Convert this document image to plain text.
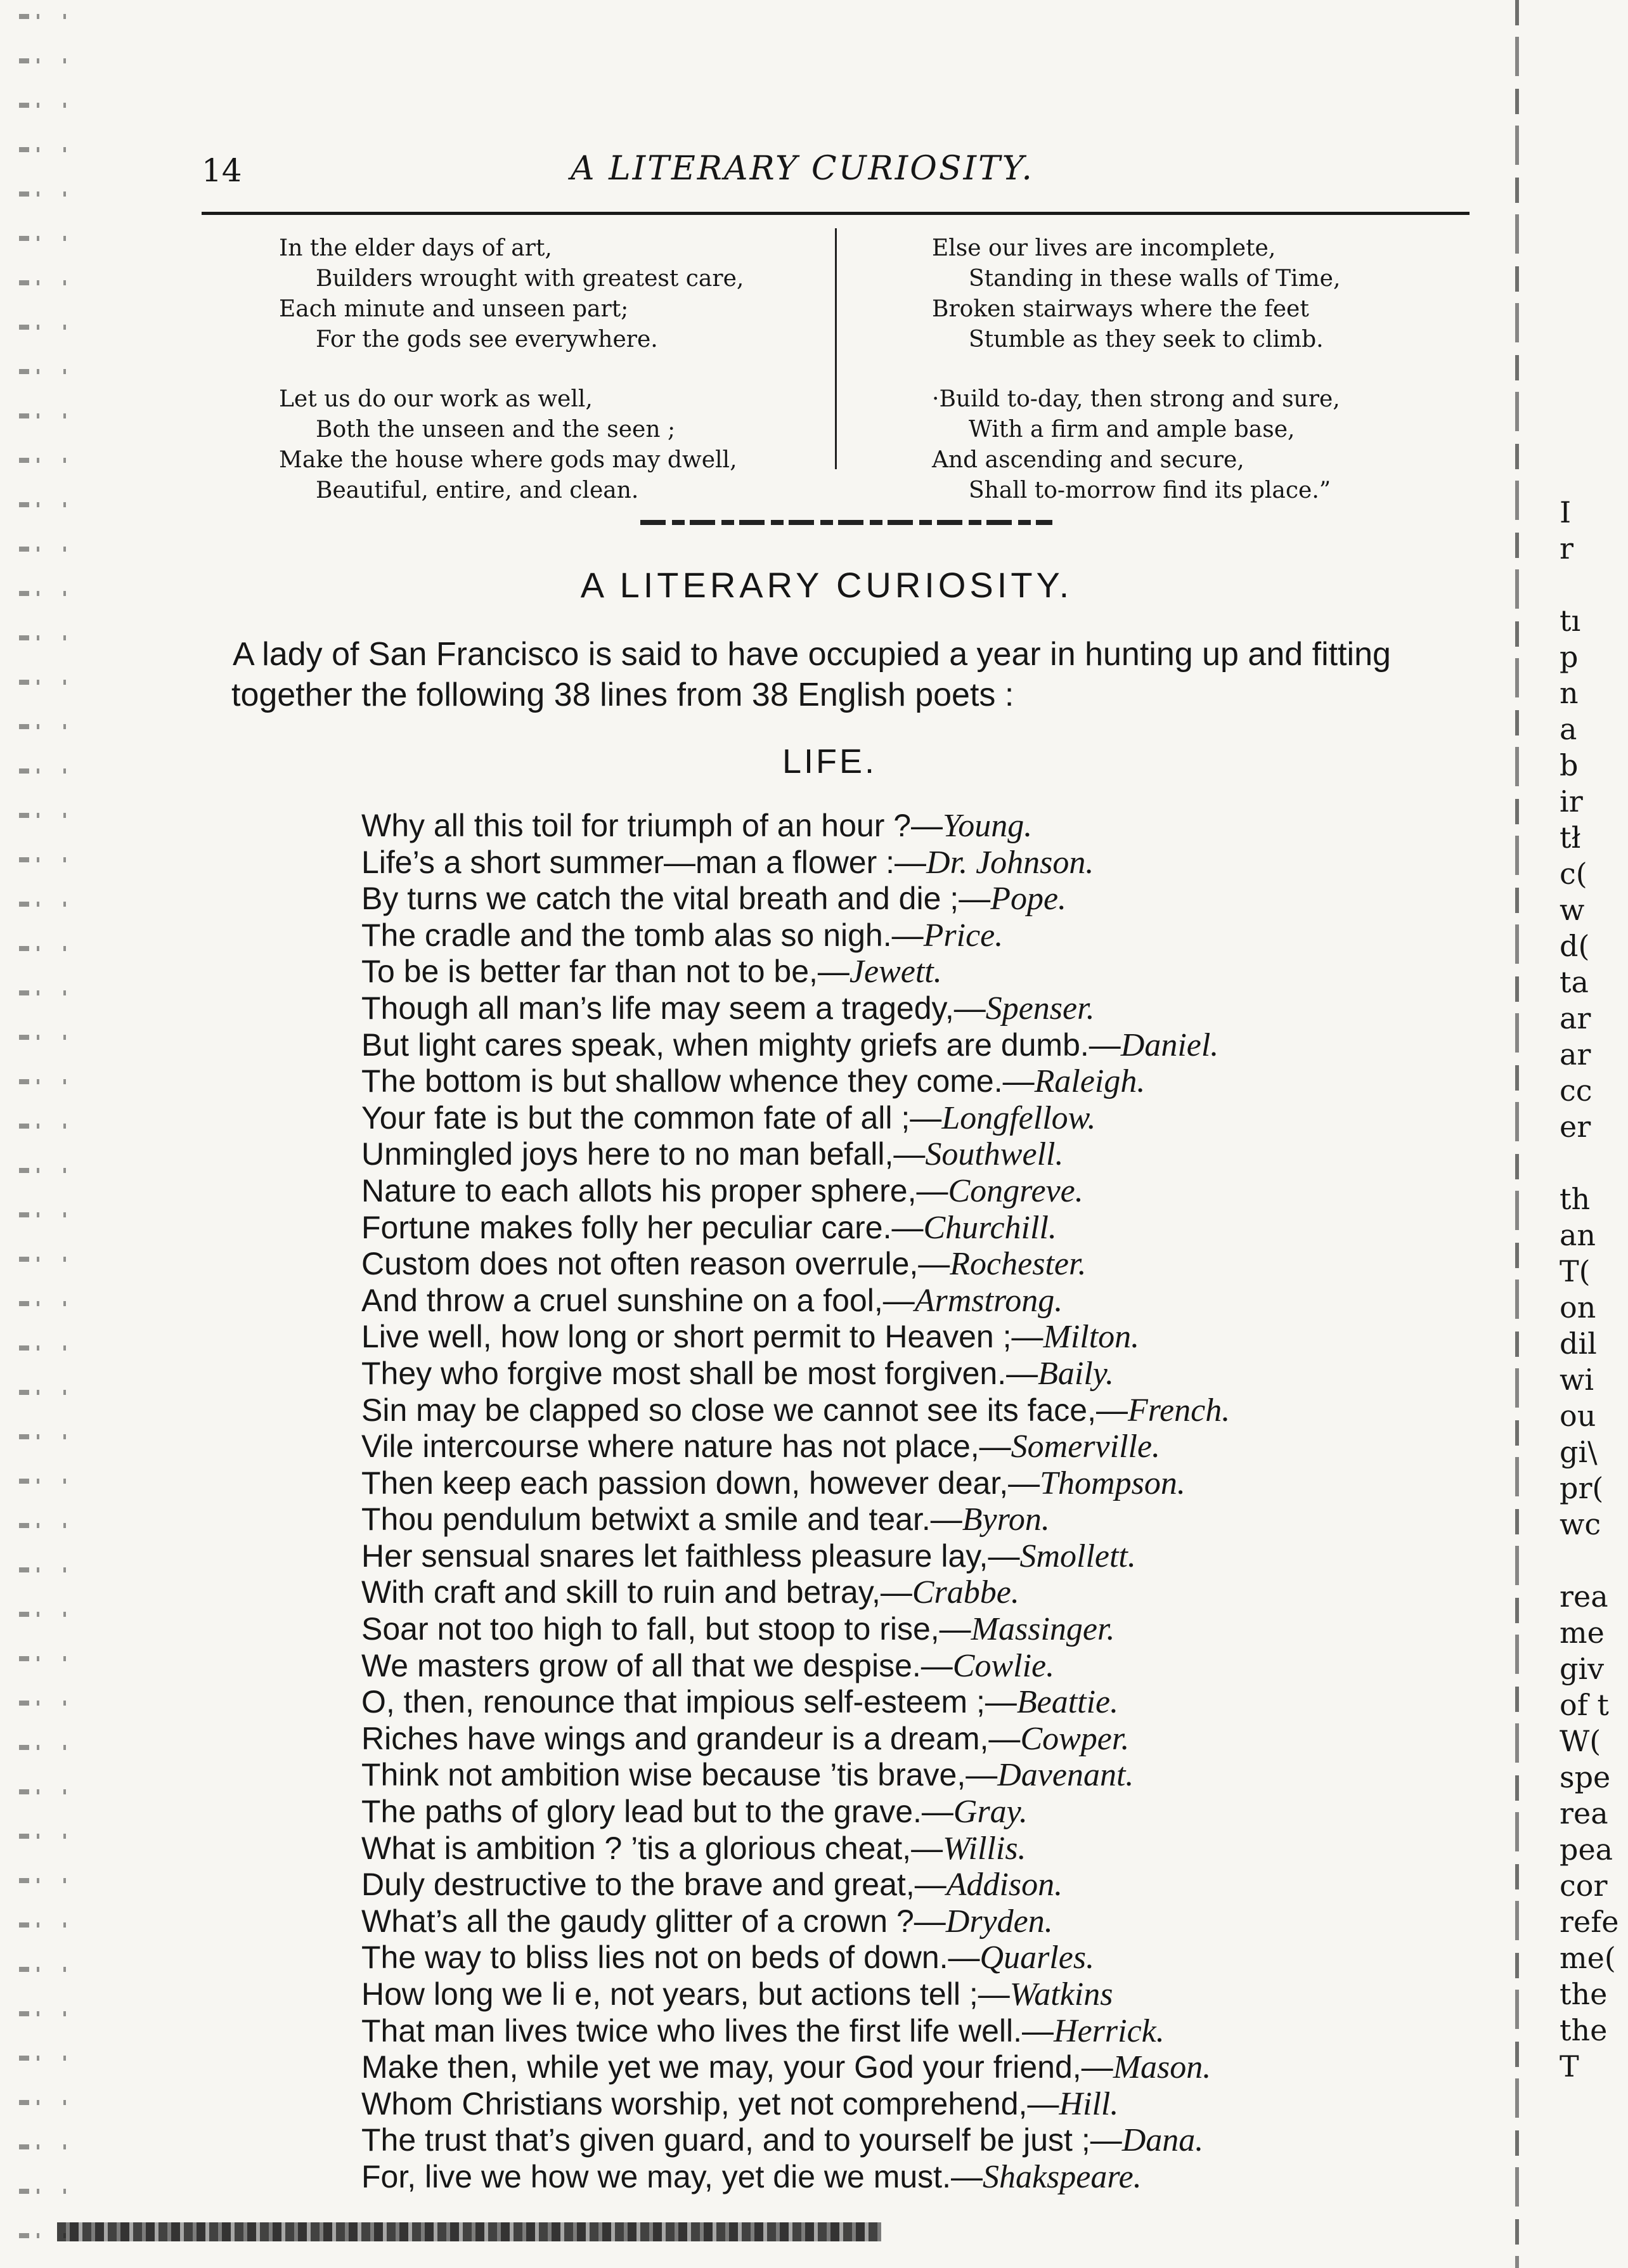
14	A LITERARY CURIOSITY.
In the elder days of art,
Builders wrought with greatest care,
Each minute and unseen part;
For the gods see everywhere.
Let us do our work as well,
Both the unseen and the seen ;
Make the house where gods may dwell,
Beautiful, entire, and clean.
Else our lives are incomplete,
Standing in these walls of Time,
Broken stairways where the feet
Stumble as they seek to climb.
·Build to-day, then strong and sure,
With a firm and ample base,
And ascending and secure,
Shall to-morrow find its place.”
A LITERARY CURIOSITY.
A lady of San Francisco is said to have occupied a year in hunting up and fitting together the following 38 lines from 38 English poets :
LIFE.
Why all this toil for triumph of an hour ?—Young.
Life’s a short summer—man a flower :—Dr. Johnson.
By turns we catch the vital breath and die ;—Pope.
The cradle and the tomb alas so nigh.—Price.
To be is better far than not to be,—Jewett.
Though all man’s life may seem a tragedy,—Spenser.
But light cares speak, when mighty griefs are dumb.—Daniel.
The bottom is but shallow whence they come.—Raleigh.
Your fate is but the common fate of all ;—Longfellow.
Unmingled joys here to no man befall,—Southwell.
Nature to each allots his proper sphere,—Congreve.
Fortune makes folly her peculiar care.—Churchill.
Custom does not often reason overrule,—Rochester.
And throw a cruel sunshine on a fool,—Armstrong.
Live well, how long or short permit to Heaven ;—Milton.
They who forgive most shall be most forgiven.—Baily.
Sin may be clapped so close we cannot see its face,—French.
Vile intercourse where nature has not place,—Somerville.
Then keep each passion down, however dear,—Thompson.
Thou pendulum betwixt a smile and tear.—Byron.
Her sensual snares let faithless pleasure lay,—Smollett.
With craft and skill to ruin and betray,—Crabbe.
Soar not too high to fall, but stoop to rise,—Massinger.
We masters grow of all that we despise.—Cowlie.
O, then, renounce that impious self-esteem ;—Beattie.
Riches have wings and grandeur is a dream,—Cowper.
Think not ambition wise because ’tis brave,—Davenant.
The paths of glory lead but to the grave.—Gray.
What is ambition ? ’tis a glorious cheat,—Willis.
Duly destructive to the brave and great,—Addison.
What’s all the gaudy glitter of a crown ?—Dryden.
The way to bliss lies not on beds of down.—Quarles.
How long we li e, not years, but actions tell ;—Watkins
That man lives twice who lives the first life well.—Herrick.
Make then, while yet we may, your God your friend,—Mason.
Whom Christians worship, yet not comprehend,—Hill.
The trust that’s given guard, and to yourself be just ;—Dana.
For, live we how we may, yet die we must.—Shakspeare.
I
r
tı
p
n
a
b
ir
tł
c(
w
d(
ta
ar
ar
cc
er
th
an
T(
on
dil
wi
ou
gi\
pr(
wc
rea
me
giv
of t
W(
spe
rea
pea
cor
refe
me(
the
the
T
